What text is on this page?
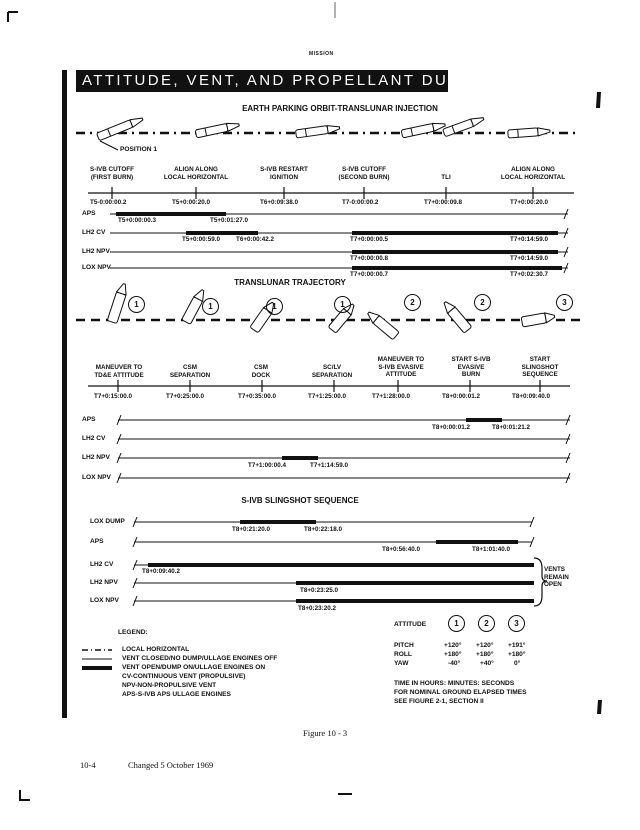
MISSION
ATTITUDE, VENT, AND PROPELLANT DUMP TIMELINES
EARTH PARKING ORBIT-TRANSLUNAR INJECTION
TRANSLUNAR TRAJECTORY
S-IVB SLINGSHOT SEQUENCE
POSITION 1
S-IVB CUTOFF
(FIRST BURN)
ALIGN ALONG
LOCAL HORIZONTAL
S-IVB RESTART
IGNITION
S-IVB CUTOFF
(SECOND BURN)	TLI
ALIGN ALONG
LOCAL HORIZONTAL
T5-0:00:00.2	T5+0:00:20.0	T6+0:09:38.0	T7-0:00:00.2	T7+0:00:09.8	T7+0:00:20.0
APS
LH2 CV
LH2 NPV
LOX NPV
T5+0:00:00.3	T5+0:01:27.0
T5+0:00:59.0	T6+0:00:42.2	T7+0:00:00.5	T7+0:14:59.0
T7+0:00:00.8	T7+0:14:59.0
T7+0:00:00.7	T7+0:02:30.7
1	1	1	1	2	2	3
MANEUVER TO
TD&E ATTITUDE
CSM
SEPARATION
CSM
DOCK
SC/LV
SEPARATION
MANEUVER TO
S-IVB EVASIVE
ATTITUDE
START S-IVB
EVASIVE
BURN
START
SLINGSHOT
SEQUENCE
T7+0:15:00.0	T7+0:25:00.0	T7+0:35:00.0	T7+1:25:00.0	T7+1:28:00.0	T8+0:00:01.2	T8+0:09:40.0
APS
LH2 CV
LH2 NPV
LOX NPV
T8+0:00:01.2	T8+0:01:21.2
T7+1:00:00.4	T7+1:14:59.0
LOX DUMP
APS
LH2 CV
LH2 NPV
LOX NPV
T8+0:21:20.0	T8+0:22:18.0
T8+0:56:40.0	T8+1:01:40.0
T8+0:09:40.2
T8+0:23:25.0
T8+0:23:20.2
VENTS
REMAIN
OPEN
LEGEND:
LOCAL HORIZONTAL
VENT CLOSED/NO DUMP/ULLAGE ENGINES OFF
VENT OPEN/DUMP ON/ULLAGE ENGINES ON
CV-CONTINUOUS VENT (PROPULSIVE)
NPV-NON-PROPULSIVE VENT
APS-S-IVB APS ULLAGE ENGINES
ATTITUDE	1	2	3
PITCH	+120° +120° +191°
ROLL	+180° +180° +180°
YAW	-40°	+40°	0°
TIME IN HOURS: MINUTES: SECONDS
FOR NOMINAL GROUND ELAPSED TIMES
SEE FIGURE 2-1, SECTION II
Figure 10 - 3
10-4	Changed 5 October 1969
